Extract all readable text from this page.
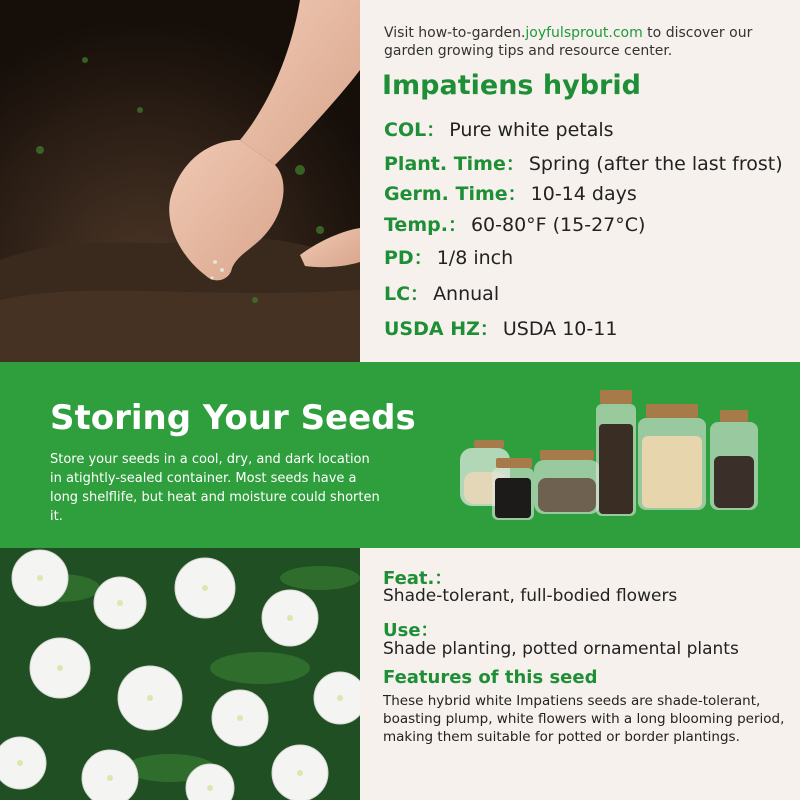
Visit how-to-garden.joyfulsprout.com to discover our garden growing tips and resource center.
Impatiens hybrid
COL： Pure white petals
Plant. Time： Spring (after the last frost)
Germ. Time： 10-14 days
Temp.： 60-80°F (15-27°C)
PD： 1/8 inch
LC： Annual
USDA HZ： USDA 10-11
Storing Your Seeds
Store your seeds in a cool, dry, and dark location in atightly-sealed container. Most seeds have a long shelflife, but heat and moisture could shorten it.
Feat.：
Shade-tolerant, full-bodied flowers
Use：
Shade planting, potted ornamental plants
Features of this seed
These hybrid white Impatiens seeds are shade-tolerant, boasting plump, white flowers with a long blooming period, making them suitable for potted or border plantings.
